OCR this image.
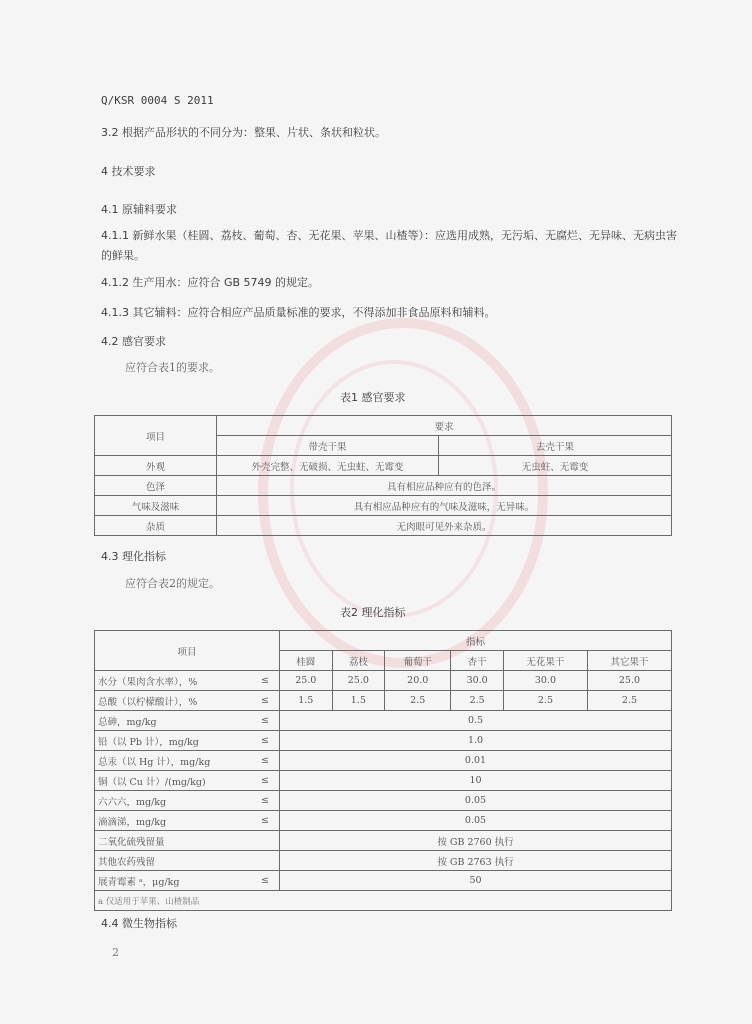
Q/KSR 0004 S 2011
3.2 根据产品形状的不同分为：整果、片状、条状和粒状。
4 技术要求
4.1 原辅料要求
4.1.1 新鲜水果（桂圆、荔枝、葡萄、杏、无花果、苹果、山楂等）：应选用成熟，无污垢、无腐烂、无异味、无病虫害的鲜果。
4.1.2 生产用水：应符合 GB 5749 的规定。
4.1.3 其它辅料：应符合相应产品质量标准的要求，不得添加非食品原料和辅料。
4.2 感官要求
应符合表1的要求。
表1 感官要求
项目	要求	
	带壳干果	去壳干果
外观	外壳完整、无破损、无虫蛀、无霉变	无虫蛀、无霉变
色泽	具有相应品种应有的色泽。	
气味及滋味	具有相应品种应有的气味及滋味，无异味。	
杂质	无肉眼可见外来杂质。	
4.3 理化指标
应符合表2的规定。
表2 理化指标
项目		指标					
		桂圆	荔枝	葡萄干	杏干	无花果干	其它果干
水分（果肉含水率），%	≤	25.0	25.0	20.0	30.0	30.0	25.0
总酸（以柠檬酸计），%	≤	1.5	1.5	2.5	2.5	2.5	2.5
总砷，mg/kg	≤	0.5					
铅（以 Pb 计），mg/kg	≤	1.0					
总汞（以 Hg 计），mg/kg	≤	0.01					
铜（以 Cu 计）/(mg/kg)	≤	10					
六六六，mg/kg	≤	0.05					
滴滴涕，mg/kg	≤	0.05					
二氧化硫残留量		按 GB 2760 执行					
其他农药残留		按 GB 2763 执行					
展青霉素 ᵃ，μg/kg	≤	50					
a 仅适用于苹果、山楂制品							
4.4 微生物指标
2
